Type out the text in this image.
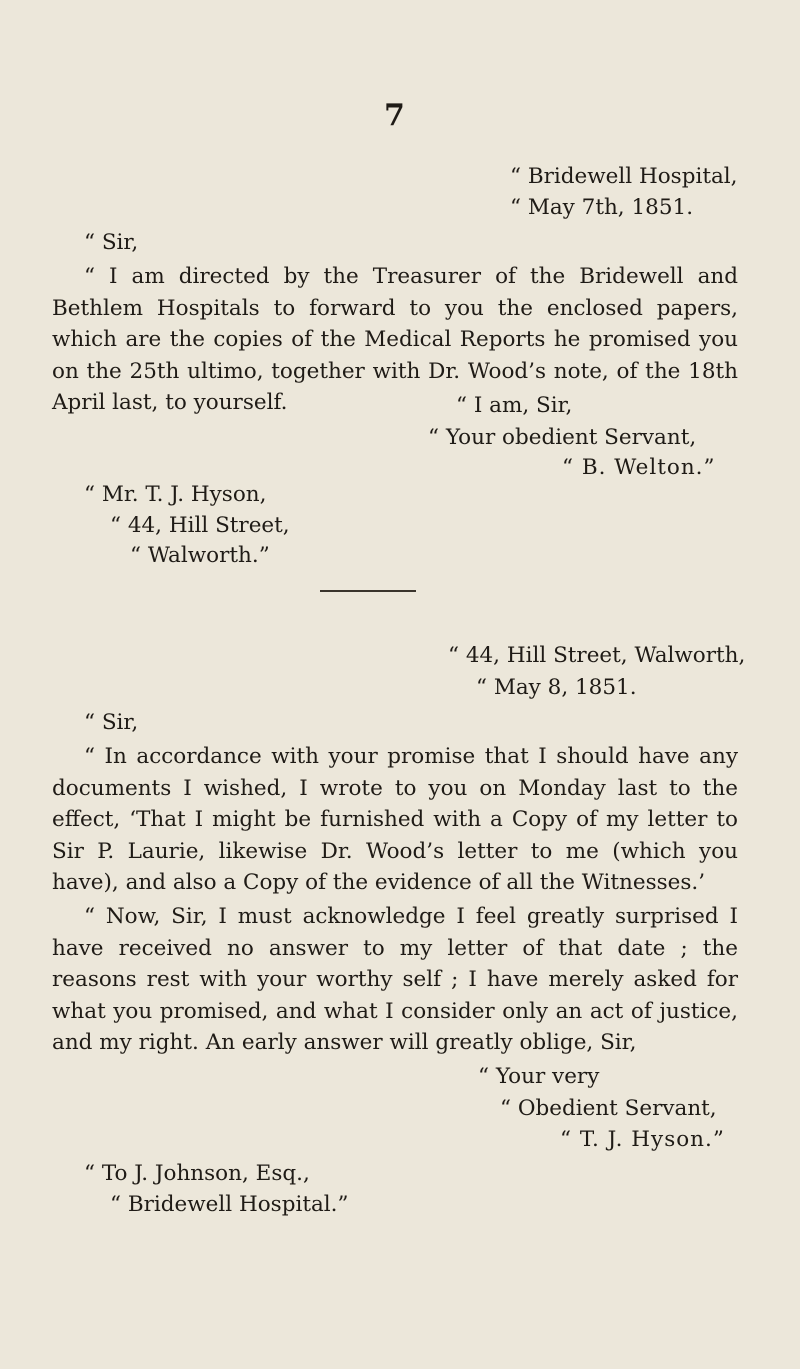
7
“ Bridewell Hospital,
“ May 7th, 1851.
“ Sir,
“ I am directed by the Treasurer of the Bridewell and Bethlem Hospitals to forward to you the enclosed papers, which are the copies of the Medical Reports he promised you on the 25th ultimo, together with Dr. Wood’s note, of the 18th April last, to yourself.	“ I am, Sir,
“ Your obedient Servant,
“ B. Welton.”
“ Mr. T. J. Hyson,
“ 44, Hill Street,
“ Walworth.”
“ 44, Hill Street, Walworth,
“ May 8, 1851.
“ Sir,
“ In accordance with your promise that I should have any documents I wished, I wrote to you on Monday last to the effect, ‘That I might be furnished with a Copy of my letter to Sir P. Laurie, likewise Dr. Wood’s letter to me (which you have), and also a Copy of the evidence of all the Witnesses.’
“ Now, Sir, I must acknowledge I feel greatly surprised I have received no answer to my letter of that date ; the reasons rest with your worthy self ; I have merely asked for what you promised, and what I consider only an act of justice, and my right. An early answer will greatly oblige, Sir,
“ Your very
“ Obedient Servant,
“ T. J. Hyson.”
“ To J. Johnson, Esq.,
“ Bridewell Hospital.”
